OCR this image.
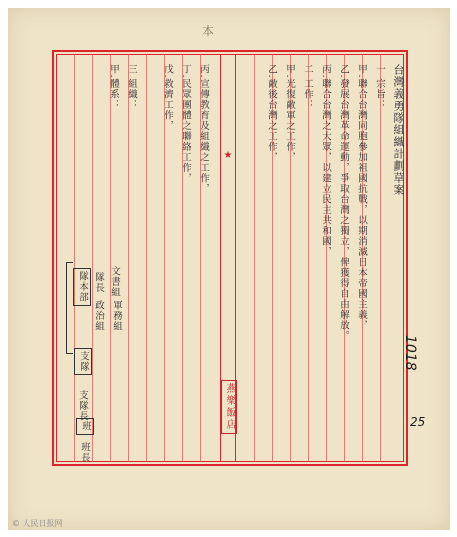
本
★
燕樂飯店
台灣義勇隊組織計劃草案
一 宗旨：
甲.聯合台灣同胞參加祖國抗戰，以期消滅日本帝國主義，
乙.發展台灣革命運動，爭取台灣之獨立，俾獲得自由解放。
丙.聯合台灣之大眾，以建立民主共和國，
二 工作：
甲.光復敵軍之工作，
乙.敵後台灣之工作，
丙.宣傳教育及組織之工作，
丁.民眾團體之聯絡工作，
戊.救濟工作，
三 組織：
甲.體系：
隊本部 隊長
政治組
文書組
軍務組
支隊
支隊長
班
班長
1018
25
© 人民日报网
